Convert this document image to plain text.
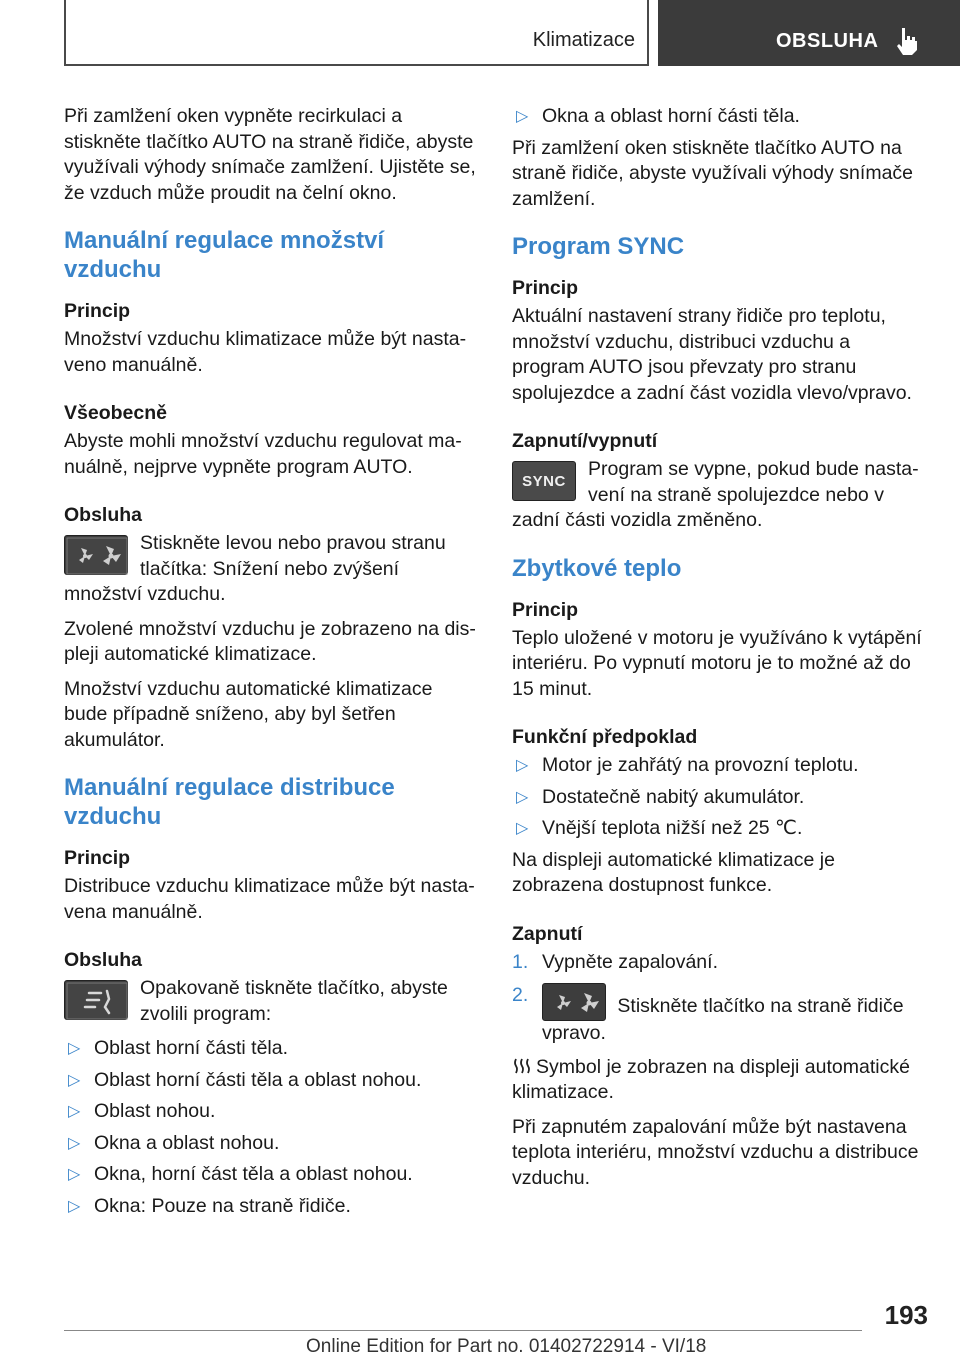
Klimatizace	OBSLUHA

Při zamlžení oken vypněte recirkulaci a stiskněte tlačítko AUTO na straně řidiče, abyste využívali výhody snímače zamlžení. Ujistěte se, že vzduch může proudit na čelní okno.

Manuální regulace množství vzduchu
Princip

Množství vzduchu klimatizace může být nastaveno manuálně.

Všeobecně

Abyste mohli množství vzduchu regulovat manuálně, nejprve vypněte program AUTO.

Obsluha

Stiskněte levou nebo pravou stranu tlačítka: Snížení nebo zvýšení množství vzduchu.

Zvolené množství vzduchu je zobrazeno na displeji automatické klimatizace.

Množství vzduchu automatické klimatizace bude případně sníženo, aby byl šetřen akumulátor.

Manuální regulace distribuce vzduchu
Princip

Distribuce vzduchu klimatizace může být nastavena manuálně.

Obsluha

Opakovaně tiskněte tlačítko, abyste zvolili program:

▷ Oblast horní části těla.
▷ Oblast horní části těla a oblast nohou.
▷ Oblast nohou.
▷ Okna a oblast nohou.
▷ Okna, horní část těla a oblast nohou.
▷ Okna: Pouze na straně řidiče.
▷ Okna a oblast horní části těla.

Při zamlžení oken stiskněte tlačítko AUTO na straně řidiče, abyste využívali výhody snímače zamlžení.

Program SYNC
Princip

Aktuální nastavení strany řidiče pro teplotu, množství vzduchu, distribuci vzduchu a program AUTO jsou převzaty pro stranu spolujezdce a zadní část vozidla vlevo/vpravo.

Zapnutí/vypnutí
SYNC

Program se vypne, pokud bude nastavení na straně spolujezdce nebo v zadní části vozidla změněno.

Zbytkové teplo
Princip

Teplo uložené v motoru je využíváno k vytápění interiéru. Po vypnutí motoru je to možné až do 15 minut.

Funkční předpoklad
▷ Motor je zahřátý na provozní teplotu.
▷ Dostatečně nabitý akumulátor.
▷ Vnější teplota nižší než 25 ℃.

Na displeji automatické klimatizace je zobrazena dostupnost funkce.

Zapnutí
1. Vypněte zapalování.
2.	Stiskněte tlačítko na straně řidiče vpravo.

Symbol je zobrazen na displeji automatické klimatizace.

Při zapnutém zapalování může být nastavena teplota interiéru, množství vzduchu a distribuce vzduchu.

193
Online Edition for Part no. 01402722914 - VI/18
